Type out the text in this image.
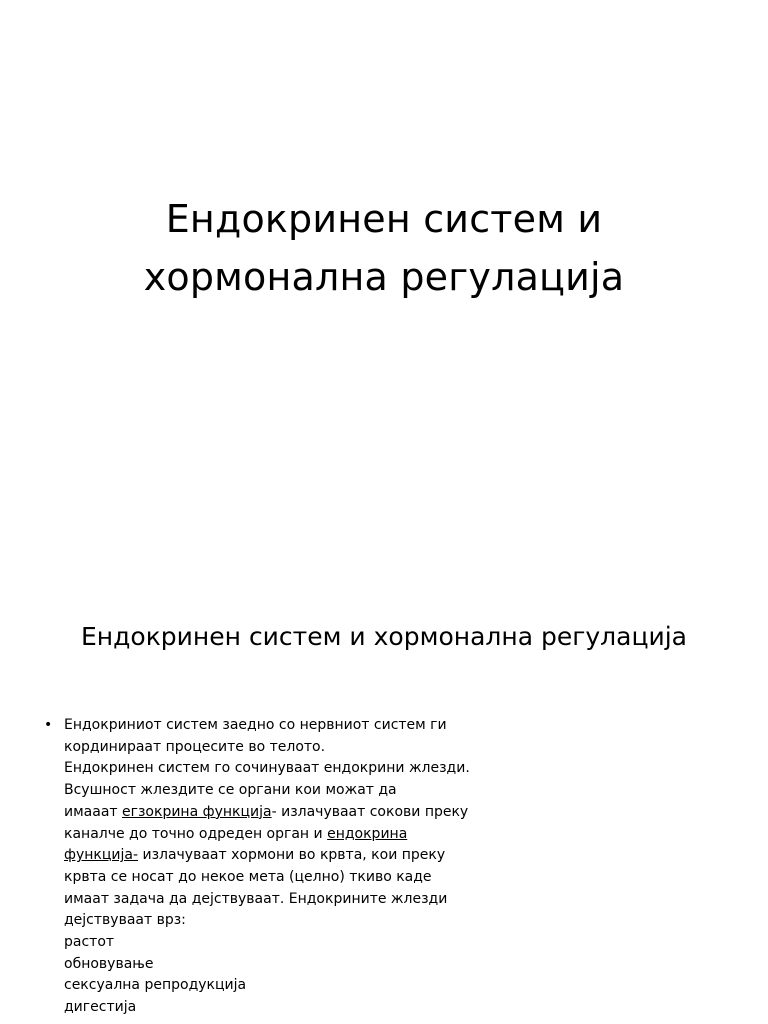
Ендокринен систем и
хормонална регулација
Ендокринен систем и хормонална регулација
• Ендокриниот систем заедно со нервниот систем ги
кординираат процесите во телото.
Ендокринен систем го сочинуваат ендокрини жлезди.
Всушност жлездите се органи кои можат да
имааат егзокрина функција- излачуваат сокови преку
каналче до точно одреден орган и ендокрина
функција- излачуваат хормони во крвта, кои преку
крвта се носат до некое мета (целно) ткиво каде
имаат задача да дејствуваат. Ендокрините жлезди
дејствуваат врз:
растот
обновување
сексуална репродукција
дигестија
